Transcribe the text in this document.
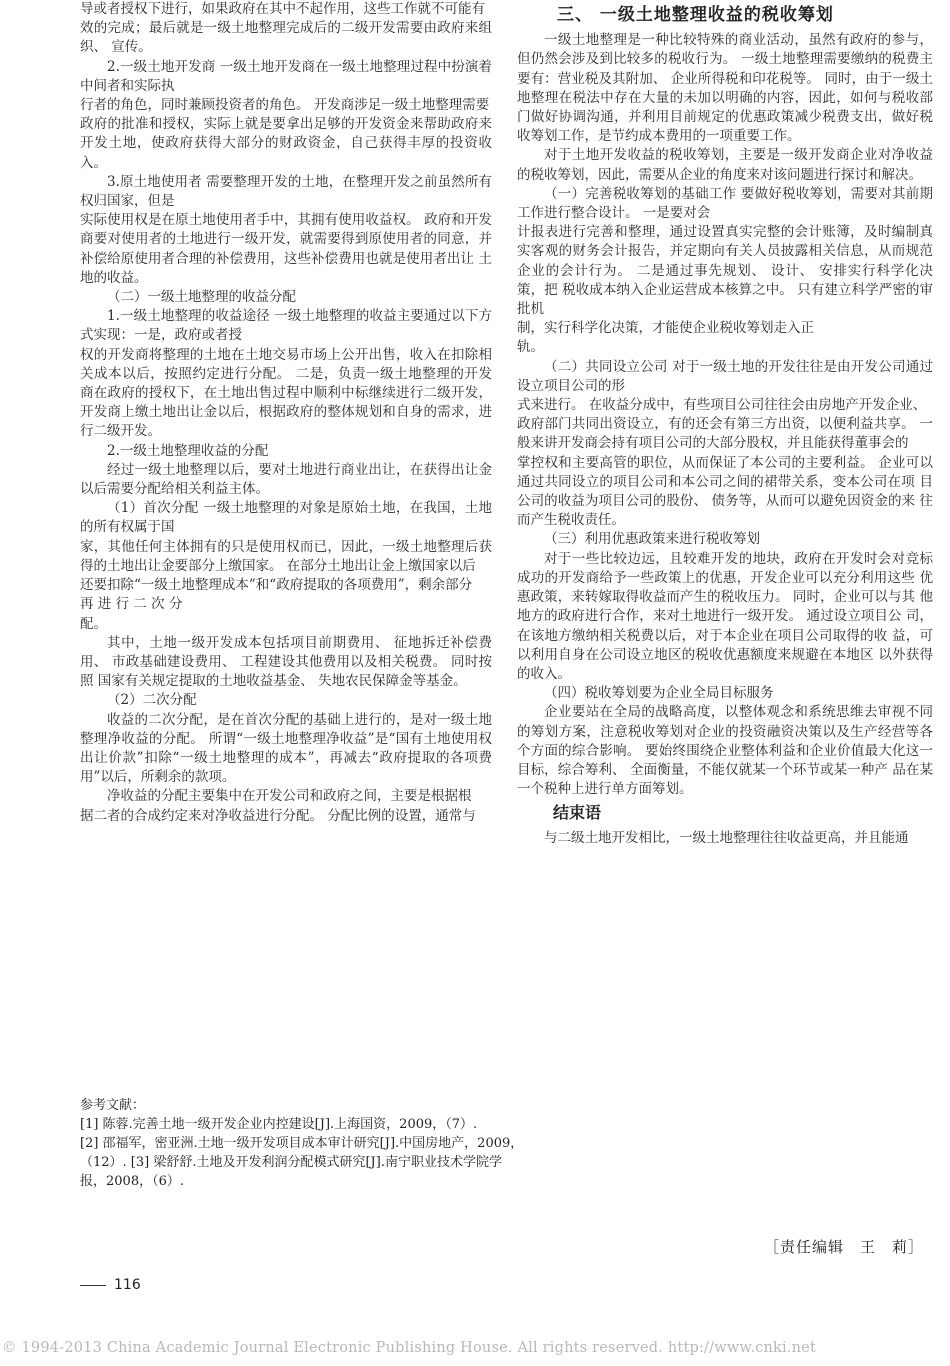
导或者授权下进行，如果政府在其中不起作用，这些工作就不可能有

效的完成；最后就是一级土地整理完成后的二级开发需要由政府来组织、 宣传。

2.一级土地开发商 一级土地开发商在一级土地整理过程中扮演着中间者和实际执

行者的角色，同时兼顾投资者的角色。 开发商涉足一级土地整理需要

政府的批准和授权，实际上就是要拿出足够的开发资金来帮助政府来开发土地，使政府获得大部分的财政资金，自己获得丰厚的投资收 入。

3.原土地使用者 需要整理开发的土地，在整理开发之前虽然所有权归国家，但是

实际使用权是在原土地使用者手中，其拥有使用收益权。 政府和开发 商要对使用者的土地进行一级开发，就需要得到原使用者的同意，并 补偿给原使用者合理的补偿费用，这些补偿费用也就是使用者出让 土地的收益。

（二）一级土地整理的收益分配

1.一级土地整理的收益途径 一级土地整理的收益主要通过以下方式实现：一是，政府或者授

权的开发商将整理的土地在土地交易市场上公开出售，收入在扣除相关成本以后，按照约定进行分配。 二是，负责一级土地整理的开发 商在政府的授权下，在土地出售过程中顺利中标继续进行二级开发， 开发商上缴土地出让金以后，根据政府的整体规划和自身的需求，进 行二级开发。

2.一级土地整理收益的分配

经过一级土地整理以后，要对土地进行商业出让，在获得出让金 以后需要分配给相关利益主体。

（1）首次分配 一级土地整理的对象是原始土地，在我国，土地的所有权属于国

家，其他任何主体拥有的只是使用权而已，因此，一级土地整理后获 得的土地出让金要部分上缴国家。 在部分土地出让金上缴国家以后

还要扣除“一级土地整理成本”和“政府提取的各项费用”，剩余部分

再 进 行 二 次 分

配。

其中，土地一级开发成本包括项目前期费用、 征地拆迁补偿费用、 市政基础建设费用、 工程建设其他费用以及相关税费。 同时按照 国家有关规定提取的土地收益基金、 失地农民保障金等基金。

（2）二次分配

收益的二次分配，是在首次分配的基础上进行的，是对一级土地 整理净收益的分配。 所谓“一级土地整理净收益”是“国有土地使用权 出让价款”扣除“一级土地整理的成本”，再减去“政府提取的各项费 用”以后，所剩余的款项。

净收益的分配主要集中在开发公司和政府之间，主要是根据根

据二者的合成约定来对净收益进行分配。 分配比例的设置，通常与

三、 一级土地整理收益的税收筹划

一级土地整理是一种比较特殊的商业活动，虽然有政府的参与，但仍然会涉及到比较多的税收行为。 一级土地整理需要缴纳的税费主要有：营业税及其附加、 企业所得税和印花税等。 同时，由于一级土 地整理在税法中存在大量的未加以明确的内容，因此，如何与税收部 门做好协调沟通，并利用目前规定的优惠政策减少税费支出，做好税 收筹划工作，是节约成本费用的一项重要工作。

对于土地开发收益的税收筹划，主要是一级开发商企业对净收益的税收筹划，因此，需要从企业的角度来对该问题进行探讨和解决。

（一）完善税收筹划的基础工作 要做好税收筹划，需要对其前期工作进行整合设计。 一是要对会

计报表进行完善和整理，通过设置真实完整的会计账簿，及时编制真 实客观的财务会计报告，并定期向有关人员披露相关信息，从而规范 企业的会计行为。 二是通过事先规划、 设计、 安排实行科学化决策，把 税收成本纳入企业运营成本核算之中。 只有建立科学严密的审批机

制，实行科学化决策，才能使企业税收筹划走入正

轨。

（二）共同设立公司 对于一级土地的开发往往是由开发公司通过设立项目公司的形

式来进行。 在收益分成中，有些项目公司往往会由房地产开发企业、

政府部门共同出资设立，有的还会有第三方出资，以便利益共享。 一 般来讲开发商会持有项目公司的大部分股权，并且能获得董事会的

掌控权和主要高管的职位，从而保证了本公司的主要利益。 企业可以 通过共同设立的项目公司和本公司之间的裙带关系，变本公司在项 目公司的收益为项目公司的股份、 债务等，从而可以避免因资金的来 往而产生税收责任。

（三）利用优惠政策来进行税收筹划

对于一些比较边远，且较难开发的地块，政府在开发时会对竞标 成功的开发商给予一些政策上的优惠，开发企业可以充分利用这些 优惠政策，来转嫁取得收益而产生的税收压力。 同时，企业可以与其 他地方的政府进行合作，来对土地进行一级开发。 通过设立项目公 司，在该地方缴纳相关税费以后，对于本企业在项目公司取得的收 益，可以利用自身在公司设立地区的税收优惠额度来规避在本地区 以外获得的收入。

（四）税收筹划要为企业全局目标服务

企业要站在全局的战略高度，以整体观念和系统思维去审视不同的筹划方案，注意税收筹划对企业的投资融资决策以及生产经营等各个方面的综合影响。 要始终围绕企业整体利益和企业价值最大化这一目标，综合筹利、 全面衡量，不能仅就某一个环节或某一种产 品在某一个税种上进行单方面筹划。

结束语

与二级土地开发相比，一级土地整理往往收益更高，并且能通

参考文献：

[1] 陈蓉.完善土地一级开发企业内控建设[J].上海国资，2009，（7）.

[2] 邵福军，密亚洲.土地一级开发项目成本审计研究[J].中国房地产，2009，

（12）. [3] 梁舒舒.土地及开发利润分配模式研究[J].南宁职业技术学院学

报，2008，（6）.

［责任编辑　王　莉］
116
© 1994-2013 China Academic Journal Electronic Publishing House. All rights reserved. http://www.cnki.net
